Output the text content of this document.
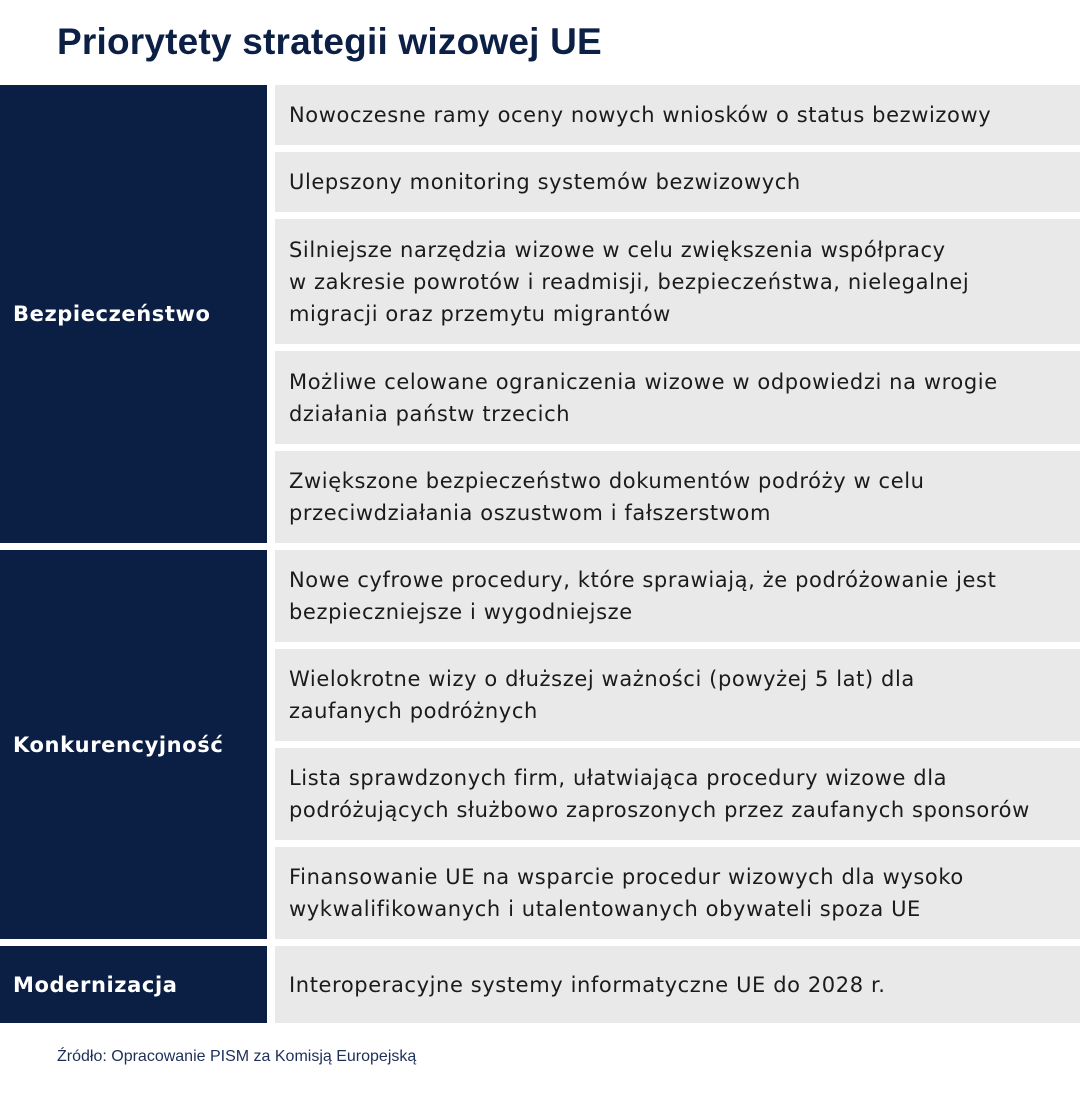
Priorytety strategii wizowej UE
Bezpieczeństwo
Nowoczesne ramy oceny nowych wniosków o status bezwizowy
Ulepszony monitoring systemów bezwizowych
Silniejsze narzędzia wizowe w celu zwiększenia współpracy
w zakresie powrotów i readmisji, bezpieczeństwa, nielegalnej
migracji oraz przemytu migrantów
Możliwe celowane ograniczenia wizowe w odpowiedzi na wrogie
działania państw trzecich
Zwiększone bezpieczeństwo dokumentów podróży w celu
przeciwdziałania oszustwom i fałszerstwom
Konkurencyjność
Nowe cyfrowe procedury, które sprawiają, że podróżowanie jest
bezpieczniejsze i wygodniejsze
Wielokrotne wizy o dłuższej ważności (powyżej 5 lat) dla
zaufanych podróżnych
Lista sprawdzonych firm, ułatwiająca procedury wizowe dla
podróżujących służbowo zaproszonych przez zaufanych sponsorów
Finansowanie UE na wsparcie procedur wizowych dla wysoko
wykwalifikowanych i utalentowanych obywateli spoza UE
Modernizacja	Interoperacyjne systemy informatyczne UE do 2028 r.
Źródło: Opracowanie PISM za Komisją Europejską
